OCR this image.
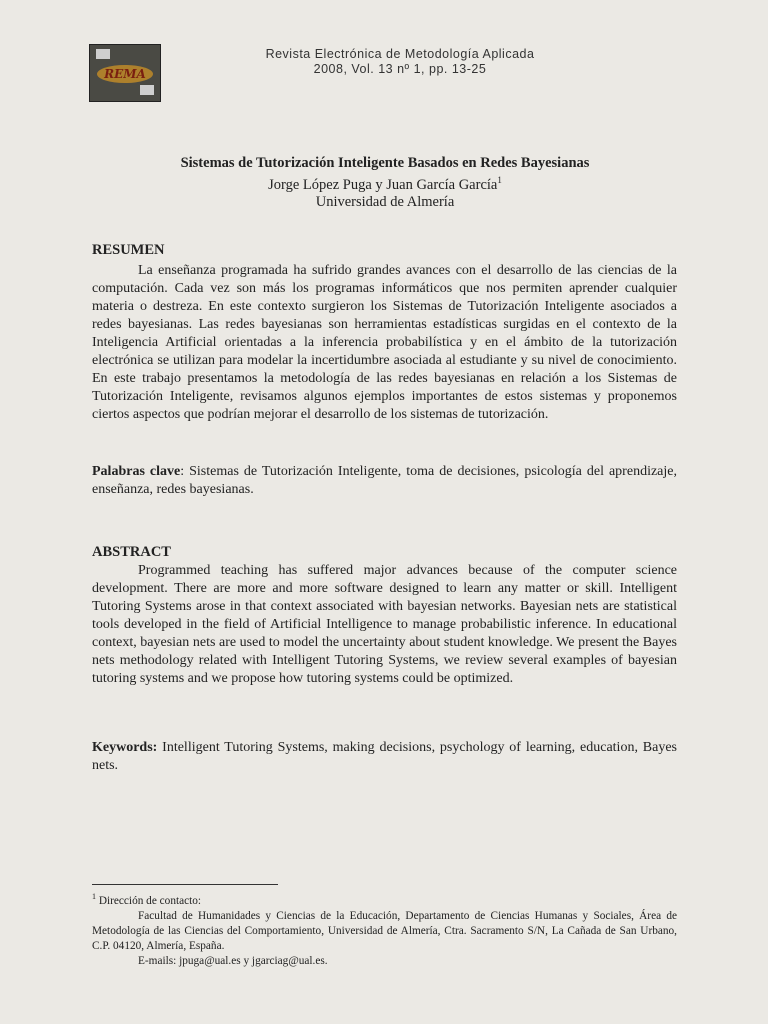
REMA
Revista Electrónica de Metodología Aplicada
2008, Vol. 13 nº 1, pp. 13-25
Sistemas de Tutorización Inteligente Basados en Redes Bayesianas
Jorge López Puga y Juan García García$^1$
Universidad de Almería
RESUMEN
La enseñanza programada ha sufrido grandes avances con el desarrollo de las ciencias de la computación. Cada vez son más los programas informáticos que nos permiten aprender cualquier materia o destreza. En este contexto surgieron los Sistemas de Tutorización Inteligente asociados a redes bayesianas. Las redes bayesianas son herramientas estadísticas surgidas en el contexto de la Inteligencia Artificial orientadas a la inferencia probabilística y en el ámbito de la tutorización electrónica se utilizan para modelar la incertidumbre asociada al estudiante y su nivel de conocimiento. En este trabajo presentamos la metodología de las redes bayesianas en relación a los Sistemas de Tutorización Inteligente, revisamos algunos ejemplos importantes de estos sistemas y proponemos ciertos aspectos que podrían mejorar el desarrollo de los sistemas de tutorización.
Palabras clave: Sistemas de Tutorización Inteligente, toma de decisiones, psicología del aprendizaje, enseñanza, redes bayesianas.
ABSTRACT
Programmed teaching has suffered major advances because of the computer science development. There are more and more software designed to learn any matter or skill. Intelligent Tutoring Systems arose in that context associated with bayesian networks. Bayesian nets are statistical tools developed in the field of Artificial Intelligence to manage probabilistic inference. In educational context, bayesian nets are used to model the uncertainty about student knowledge. We present the Bayes nets methodology related with Intelligent Tutoring Systems, we review several examples of bayesian tutoring systems and we propose how tutoring systems could be optimized.
Keywords: Intelligent Tutoring Systems, making decisions, psychology of learning, education, Bayes nets.
$^1$ Dirección de contacto:
Facultad de Humanidades y Ciencias de la Educación, Departamento de Ciencias Humanas y Sociales, Área de Metodología de las Ciencias del Comportamiento, Universidad de Almería, Ctra. Sacramento S/N, La Cañada de San Urbano, C.P. 04120, Almería, España.
E-mails: jpuga@ual.es y jgarciag@ual.es.
